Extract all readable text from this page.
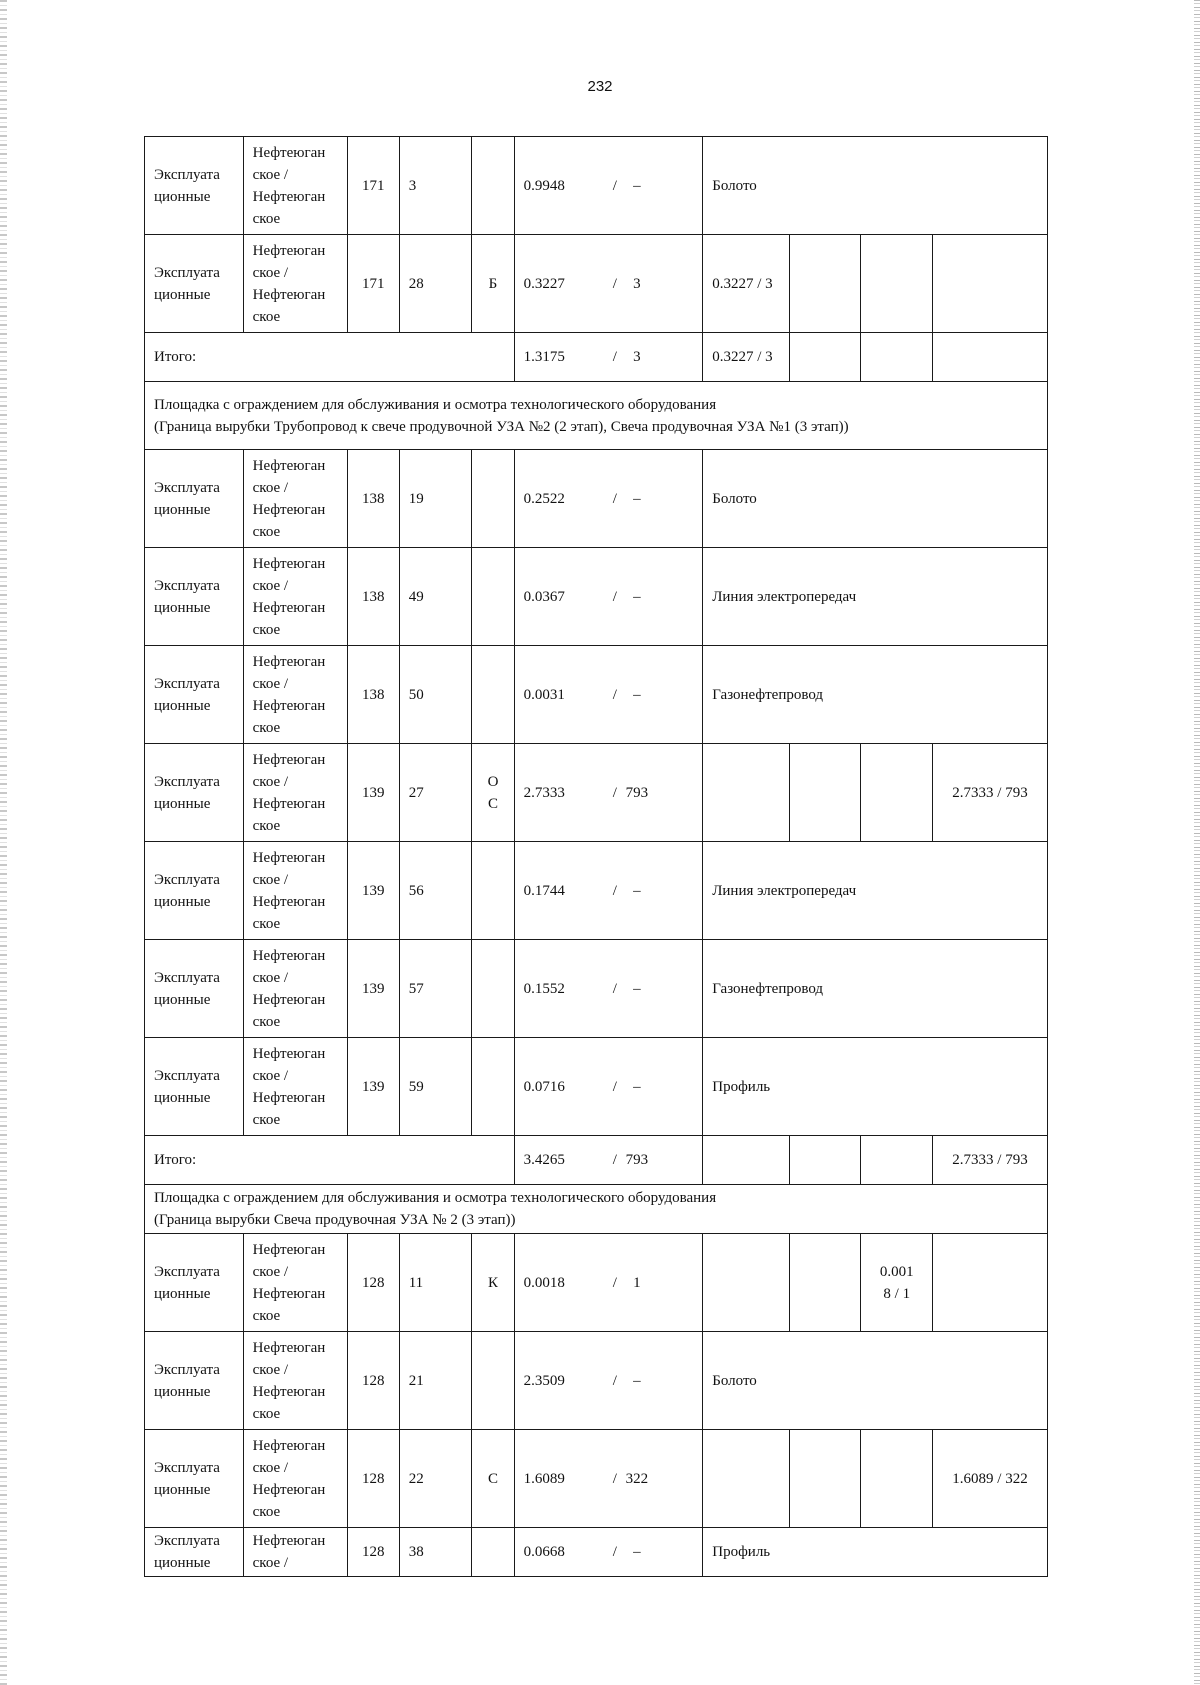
232
Эксплуата
ционные	Нефтеюган
ское /
Нефтеюган
ское	171	3		0.9948 / –	Болото			
Эксплуата
ционные	Нефтеюган
ское /
Нефтеюган
ское	171	28	Б	0.3227 / 3	0.3227 / 3			
Итого:					1.3175 / 3	0.3227 / 3			
Площадка с ограждением для обслуживания и осмотра технологического оборудования
(Граница вырубки Трубопровод к свече продувочной УЗА №2 (2 этап), Свеча продувочная УЗА №1 (3 этап))									
Эксплуата
ционные	Нефтеюган
ское /
Нефтеюган
ское	138	19		0.2522 / –	Болото			
Эксплуата
ционные	Нефтеюган
ское /
Нефтеюган
ское	138	49		0.0367 / –	Линия электропередач			
Эксплуата
ционные	Нефтеюган
ское /
Нефтеюган
ское	138	50		0.0031 / –	Газонефтепровод			
Эксплуата
ционные	Нефтеюган
ское /
Нефтеюган
ское	139	27	О
С	2.7333 / 793				2.7333 / 793
Эксплуата
ционные	Нефтеюган
ское /
Нефтеюган
ское	139	56		0.1744 / –	Линия электропередач			
Эксплуата
ционные	Нефтеюган
ское /
Нефтеюган
ское	139	57		0.1552 / –	Газонефтепровод			
Эксплуата
ционные	Нефтеюган
ское /
Нефтеюган
ское	139	59		0.0716 / –	Профиль			
Итого:					3.4265 / 793				2.7333 / 793
Площадка с ограждением для обслуживания и осмотра технологического оборудования
(Граница вырубки Свеча продувочная УЗА № 2 (3 этап))									
Эксплуата
ционные	Нефтеюган
ское /
Нефтеюган
ское	128	11	К	0.0018 / 1			0.001
8 / 1	
Эксплуата
ционные	Нефтеюган
ское /
Нефтеюган
ское	128	21		2.3509 / –	Болото			
Эксплуата
ционные	Нефтеюган
ское /
Нефтеюган
ское	128	22	С	1.6089 / 322				1.6089 / 322
Эксплуата
ционные	Нефтеюган
ское /	128	38		0.0668 / –	Профиль			
